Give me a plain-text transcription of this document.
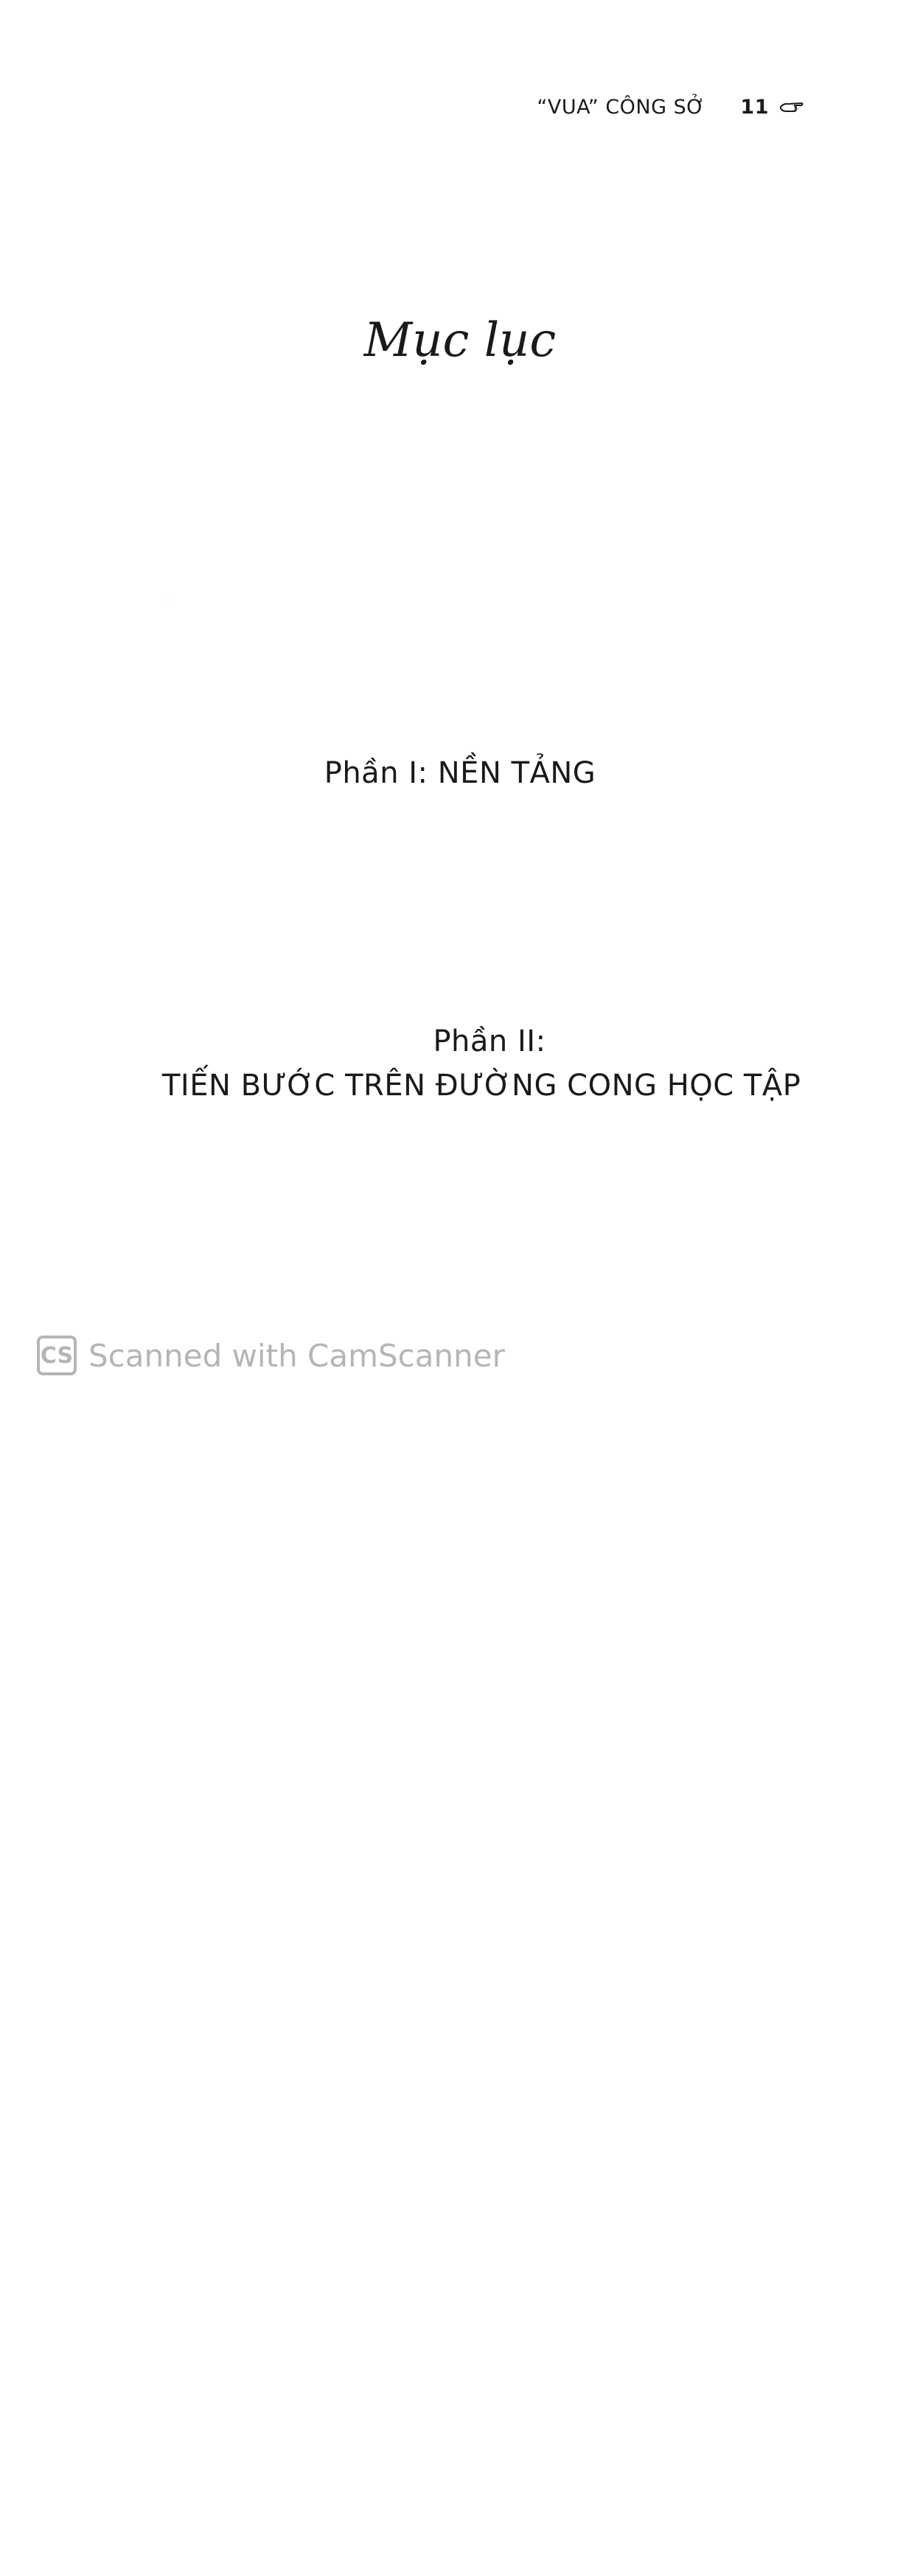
“VUA” CÔNG SỞ 11
Mục lục
Phần I: NỀN TẢNG
Phần II:
TIẾN BƯỚC TRÊN ĐƯỜNG CONG HỌC TẬP
CS Scanned with CamScanner
